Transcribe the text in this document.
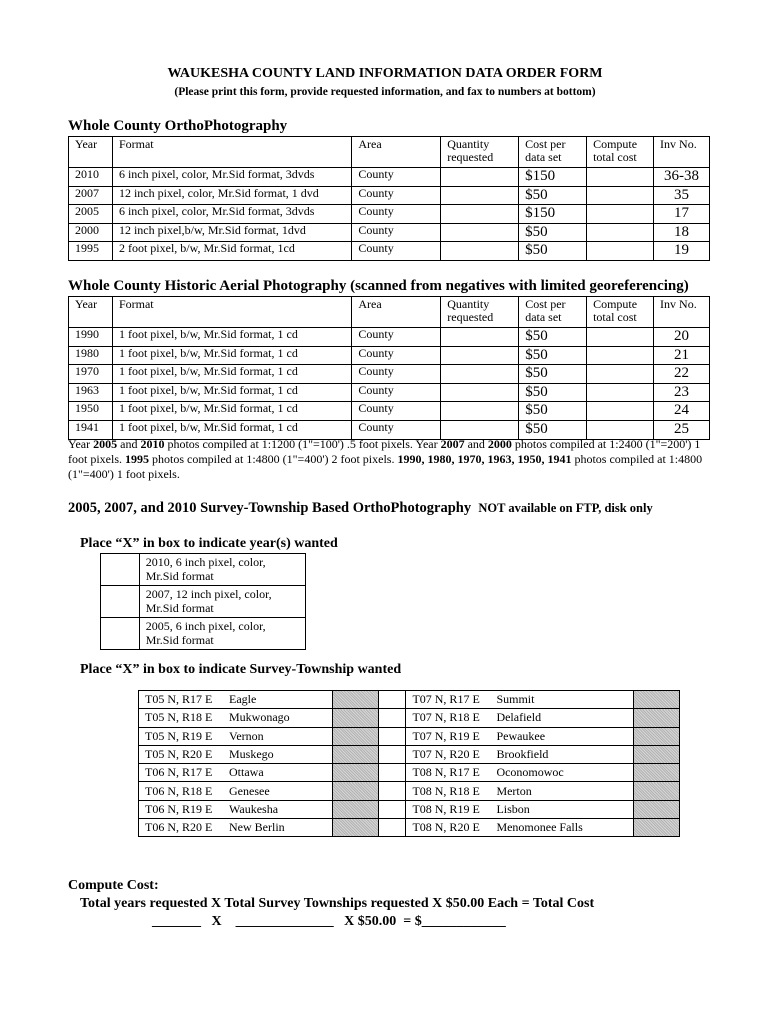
WAUKESHA COUNTY LAND INFORMATION DATA ORDER FORM
(Please print this form, provide requested information, and fax to numbers at bottom)
Whole County OrthoPhotography
Year	Format	Area	Quantity requested	Cost per data set	Compute total cost	Inv No.
2010	6 inch pixel, color, Mr.Sid format, 3dvds	County		$150		36-38
2007	12 inch pixel, color, Mr.Sid format, 1 dvd	County		$50		35
2005	6 inch pixel, color, Mr.Sid format, 3dvds	County		$150		17
2000	12 inch pixel,b/w, Mr.Sid format, 1dvd	County		$50		18
1995	2 foot pixel, b/w, Mr.Sid format, 1cd	County		$50		19
Whole County Historic Aerial Photography (scanned from negatives with limited georeferencing)
Year	Format	Area	Quantity requested	Cost per data set	Compute total cost	Inv No.
1990	1 foot pixel, b/w, Mr.Sid format, 1 cd	County		$50		20
1980	1 foot pixel, b/w, Mr.Sid format, 1 cd	County		$50		21
1970	1 foot pixel, b/w, Mr.Sid format, 1 cd	County		$50		22
1963	1 foot pixel, b/w, Mr.Sid format, 1 cd	County		$50		23
1950	1 foot pixel, b/w, Mr.Sid format, 1 cd	County		$50		24
1941	1 foot pixel, b/w, Mr.Sid format, 1 cd	County		$50		25
Year 2005 and 2010 photos compiled at 1:1200 (1"=100') .5 foot pixels. Year 2007 and 2000 photos compiled at 1:2400 (1"=200') 1 foot pixels. 1995 photos compiled at 1:4800 (1"=400') 2 foot pixels. 1990, 1980, 1970, 1963, 1950, 1941 photos compiled at 1:4800 (1"=400') 1 foot pixels.
2005, 2007, and 2010 Survey-Township Based OrthoPhotography NOT available on FTP, disk only
Place “X” in box to indicate year(s) wanted

	2010, 6 inch pixel, color,
Mr.Sid format

	2007, 12 inch pixel, color,
Mr.Sid format

	2005, 6 inch pixel, color,
Mr.Sid format
Place “X” in box to indicate Survey-Township wanted
T05 N, R17 E Eagle			T07 N, R17 E Summit	
T05 N, R18 E Mukwonago			T07 N, R18 E Delafield	
T05 N, R19 E Vernon			T07 N, R19 E Pewaukee	
T05 N, R20 E Muskego			T07 N, R20 E Brookfield	
T06 N, R17 E Ottawa			T08 N, R17 E Oconomowoc	
T06 N, R18 E Genesee			T08 N, R18 E Merton	
T06 N, R19 E Waukesha			T08 N, R19 E Lisbon	
T06 N, R20 E New Berlin			T08 N, R20 E Menomonee Falls	
Compute Cost:
Total years requested X Total Survey Townships requested X $50.00 Each = Total Cost
_______   X    ______________   X $50.00  = $____________
